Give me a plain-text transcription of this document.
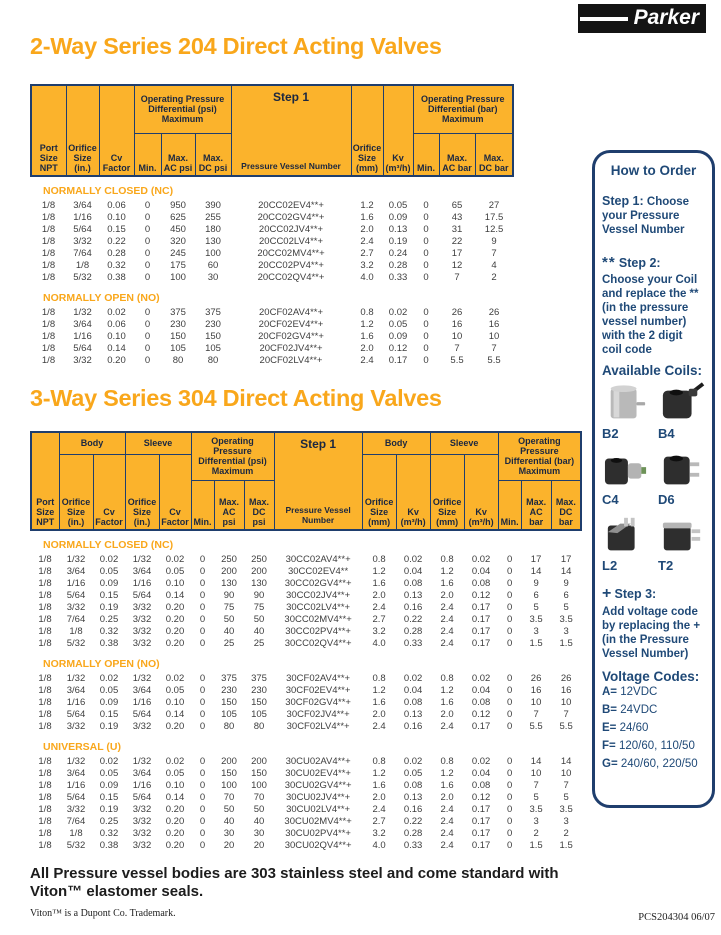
Parker
2-Way Series 204 Direct Acting Valves
	ENGLISH UNITS						METRIC UNITS				
Port Size NPT	Orifice Size (in.)	Cv Factor	Operating Pressure Differential (psi) Maximum			Step 1
Pressure Vessel Number	Orifice Size (mm)	Kv (m³/h)	Operating Pressure Differential (bar) Maximum		
			Min.	Max. AC psi	Max. DC psi				Min.	Max. AC bar	Max. DC bar
NORMALLY CLOSED (NC)											
1/8	3/64	0.06	0	950	390	20CC02EV4**+	1.2	0.05	0	65	27
1/8	1/16	0.10	0	625	255	20CC02GV4**+	1.6	0.09	0	43	17.5
1/8	5/64	0.15	0	450	180	20CC02JV4**+	2.0	0.13	0	31	12.5
1/8	3/32	0.22	0	320	130	20CC02LV4**+	2.4	0.19	0	22	9
1/8	7/64	0.28	0	245	100	20CC02MV4**+	2.7	0.24	0	17	7
1/8	1/8	0.32	0	175	60	20CC02PV4**+	3.2	0.28	0	12	4
1/8	5/32	0.38	0	100	30	20CC02QV4**+	4.0	0.33	0	7	2
NORMALLY OPEN (NO)											
1/8	1/32	0.02	0	375	375	20CF02AV4**+	0.8	0.02	0	26	26
1/8	3/64	0.06	0	230	230	20CF02EV4**+	1.2	0.05	0	16	16
1/8	1/16	0.10	0	150	150	20CF02GV4**+	1.6	0.09	0	10	10
1/8	5/64	0.14	0	105	105	20CF02JV4**+	2.0	0.12	0	7	7
1/8	3/32	0.20	0	80	80	20CF02LV4**+	2.4	0.17	0	5.5	5.5
3-Way Series 304 Direct Acting Valves
	ENGLISH UNITS								METRIC UNITS						
Port Size NPT	Body		Sleeve		Operating Pressure Differential (psi) Maximum			Step 1
Pressure Vessel Number	Body		Sleeve		Operating Pressure Differential (bar) Maximum		
	Orifice Size (in.)	Cv Factor	Orifice Size (in.)	Cv Factor					Orifice Size (mm)	Kv (m³/h)	Orifice Size (mm)	Kv (m³/h)			
					Min.	Max. AC psi	Max. DC psi						Min.	Max. AC bar	Max. DC bar
NORMALLY CLOSED (NC)															
1/8	1/32	0.02	1/32	0.02	0	250	250	30CC02AV4**+	0.8	0.02	0.8	0.02	0	17	17
1/8	3/64	0.05	3/64	0.05	0	200	200	30CC02EV4**	1.2	0.04	1.2	0.04	0	14	14
1/8	1/16	0.09	1/16	0.10	0	130	130	30CC02GV4**+	1.6	0.08	1.6	0.08	0	9	9
1/8	5/64	0.15	5/64	0.14	0	90	90	30CC02JV4**+	2.0	0.13	2.0	0.12	0	6	6
1/8	3/32	0.19	3/32	0.20	0	75	75	30CC02LV4**+	2.4	0.16	2.4	0.17	0	5	5
1/8	7/64	0.25	3/32	0.20	0	50	50	30CC02MV4**+	2.7	0.22	2.4	0.17	0	3.5	3.5
1/8	1/8	0.32	3/32	0.20	0	40	40	30CC02PV4**+	3.2	0.28	2.4	0.17	0	3	3
1/8	5/32	0.38	3/32	0.20	0	25	25	30CC02QV4**+	4.0	0.33	2.4	0.17	0	1.5	1.5
NORMALLY OPEN (NO)															
1/8	1/32	0.02	1/32	0.02	0	375	375	30CF02AV4**+	0.8	0.02	0.8	0.02	0	26	26
1/8	3/64	0.05	3/64	0.05	0	230	230	30CF02EV4**+	1.2	0.04	1.2	0.04	0	16	16
1/8	1/16	0.09	1/16	0.10	0	150	150	30CF02GV4**+	1.6	0.08	1.6	0.08	0	10	10
1/8	5/64	0.15	5/64	0.14	0	105	105	30CF02JV4**+	2.0	0.13	2.0	0.12	0	7	7
1/8	3/32	0.19	3/32	0.20	0	80	80	30CF02LV4**+	2.4	0.16	2.4	0.17	0	5.5	5.5
UNIVERSAL (U)															
1/8	1/32	0.02	1/32	0.02	0	200	200	30CU02AV4**+	0.8	0.02	0.8	0.02	0	14	14
1/8	3/64	0.05	3/64	0.05	0	150	150	30CU02EV4**+	1.2	0.05	1.2	0.04	0	10	10
1/8	1/16	0.09	1/16	0.10	0	100	100	30CU02GV4**+	1.6	0.08	1.6	0.08	0	7	7
1/8	5/64	0.15	5/64	0.14	0	70	70	30CU02JV4**+	2.0	0.13	2.0	0.12	0	5	5
1/8	3/32	0.19	3/32	0.20	0	50	50	30CU02LV4**+	2.4	0.16	2.4	0.17	0	3.5	3.5
1/8	7/64	0.25	3/32	0.20	0	40	40	30CU02MV4**+	2.7	0.22	2.4	0.17	0	3	3
1/8	1/8	0.32	3/32	0.20	0	30	30	30CU02PV4**+	3.2	0.28	2.4	0.17	0	2	2
1/8	5/32	0.38	3/32	0.20	0	20	20	30CU02QV4**+	4.0	0.33	2.4	0.17	0	1.5	1.5
All Pressure vessel bodies are 303 stainless steel and come standard with
Viton™ elastomer seals.
Viton™ is a Dupont Co. Trademark.	PCS204304 06/07
How to Order
Step 1: Choose your Pressure Vessel Number
** Step 2:
Choose your Coil and replace the ** (in the pressure vessel number) with the 2 digit coil code
Available Coils:
B2	B4
C4	D6
L2	T2
+ Step 3:
Add voltage code by replacing the + (in the Pressure Vessel Number)
Voltage Codes:
A= 12VDC
B= 24VDC
E= 24/60
F= 120/60, 110/50
G= 240/60, 220/50
